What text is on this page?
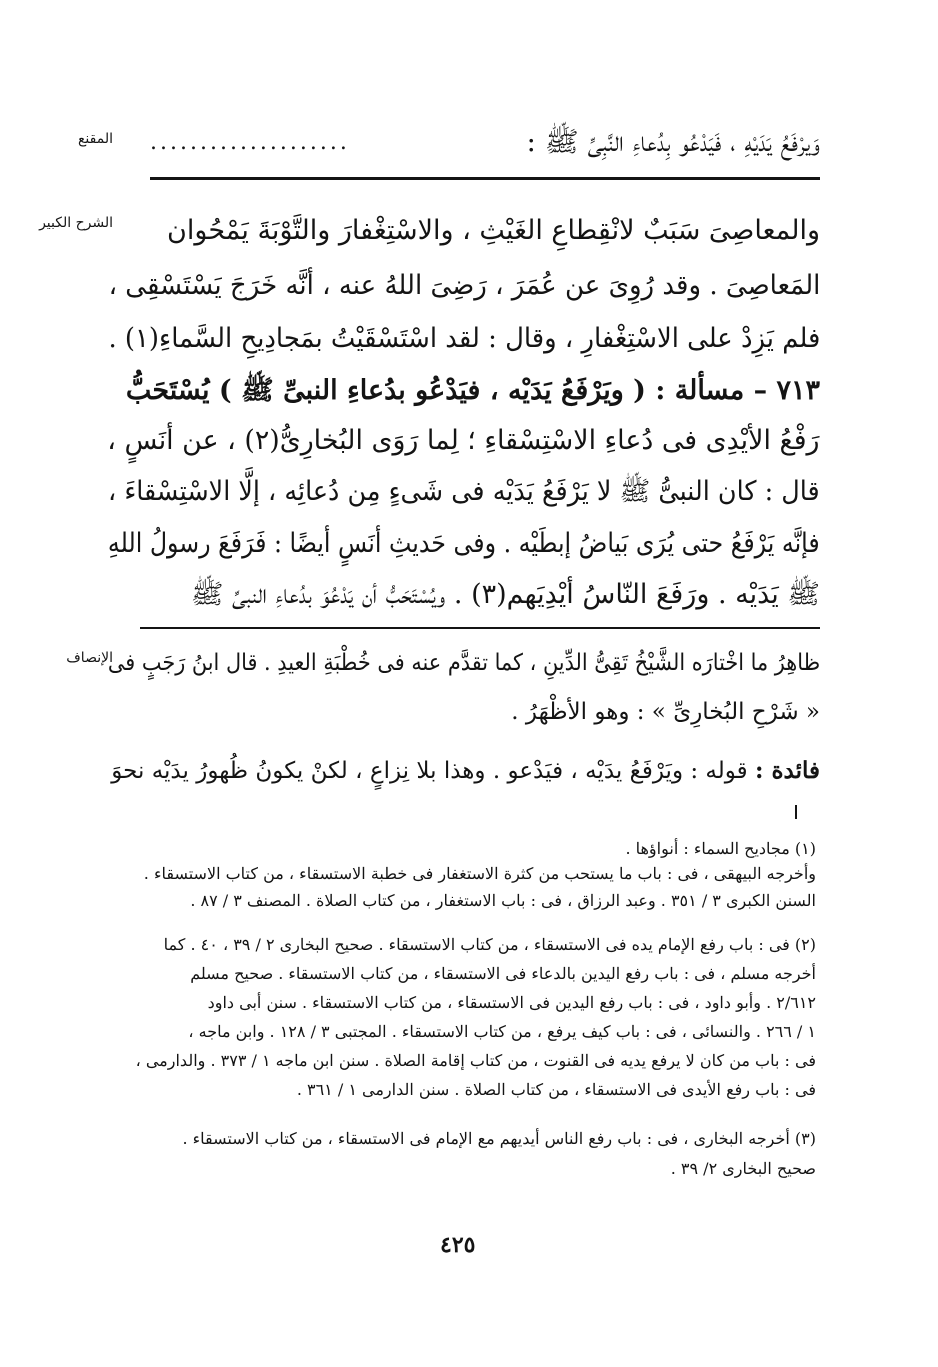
المقنع	وَيرْفَعُ يَدَيْهِ ، فَيَدْعُو بِدُعاءِ النَّبِىِّ ﷺ :
....................
الشرح الكبير	والمعاصِىَ سَبَبٌ لانْقِطاعِ الغَيْثِ ، والاسْتِغْفارَ والتَّوْبَةَ يَمْحُوان
المَعاصِىَ . وقد رُوِىَ عن عُمَرَ ، رَضِىَ اللهُ عنه ، أنَّه خَرَجَ يَسْتَسْقِى ،
فلم يَزِدْ على الاسْتِغْفارِ ، وقال : لقد اسْتَسْقَيْتُ بمَجادِيحِ السَّماءِ(١) .
٧١٣ – مسألة : ( ويَرْفَعُ يَدَيْه ، فيَدْعُو بدُعاءِ النبىِّ ﷺ ) يُسْتَحَبُّ
رَفْعُ الأيْدِى فى دُعاءِ الاسْتِسْقاءِ ؛ لِما رَوَى البُخارِىُّ(٢) ، عن أنَسٍ ،
قال : كان النبىُّ ﷺ لا يَرْفَعُ يَدَيْه فى شَىءٍ مِن دُعائِه ، إلَّا الاسْتِسْقاءَ ،
فإنَّه يَرْفَعُ حتى يُرَى بَياضُ إبطَيْه . وفى حَديثِ أنَسٍ أيضًا : فَرَفَعَ رسولُ اللهِ
ﷺ يَدَيْه . ورَفَعَ النّاسُ أيْدِيَهم(٣) . ويُسْتَحَبُّ أن يَدْعُوَ بدُعاءِ النبىِّ ﷺ
الإنصاف
ظاهِرُ ما اخْتارَه الشَّيْخُ تَقِىُّ الدِّينِ ، كما تقدَّم عنه فى خُطْبَةِ العيدِ . قال ابنُ رَجَبٍ فى
« شَرْحِ البُخارِىِّ » : وهو الأظْهَرُ .
فائدة : قوله : ويَرْفَعُ يدَيْه ، فيَدْعو . وهذا بلا نِزاعٍ ، لكنْ يكونُ ظُهورُ يدَيْه نحوَ
(١) مجاديح السماء : أنواؤها .
وأخرجه البيهقى ، فى : باب ما يستحب من كثرة الاستغفار فى خطبة الاستسقاء ، من كتاب الاستسقاء .
السنن الكبرى ٣ / ٣٥١ . وعبد الرزاق ، فى : باب الاستغفار ، من كتاب الصلاة . المصنف ٣ / ٨٧ .
(٢) فى : باب رفع الإمام يده فى الاستسقاء ، من كتاب الاستسقاء . صحيح البخارى ٢ / ٣٩ ، ٤٠ . كما
أخرجه مسلم ، فى : باب رفع اليدين بالدعاء فى الاستسقاء ، من كتاب الاستسقاء . صحيح مسلم
٢/٦١٢ . وأبو داود ، فى : باب رفع اليدين فى الاستسقاء ، من كتاب الاستسقاء . سنن أبى داود
١ / ٢٦٦ . والنسائى ، فى : باب كيف يرفع ، من كتاب الاستسقاء . المجتبى ٣ / ١٢٨ . وابن ماجه ،
فى : باب من كان لا يرفع يديه فى القنوت ، من كتاب إقامة الصلاة . سنن ابن ماجه ١ / ٣٧٣ . والدارمى ،
فى : باب رفع الأيدى فى الاستسقاء ، من كتاب الصلاة . سنن الدارمى ١ / ٣٦١ .
(٣) أخرجه البخارى ، فى : باب رفع الناس أيديهم مع الإمام فى الاستسقاء ، من كتاب الاستسقاء .
صحيح البخارى ٢/ ٣٩ .
٤٢٥
